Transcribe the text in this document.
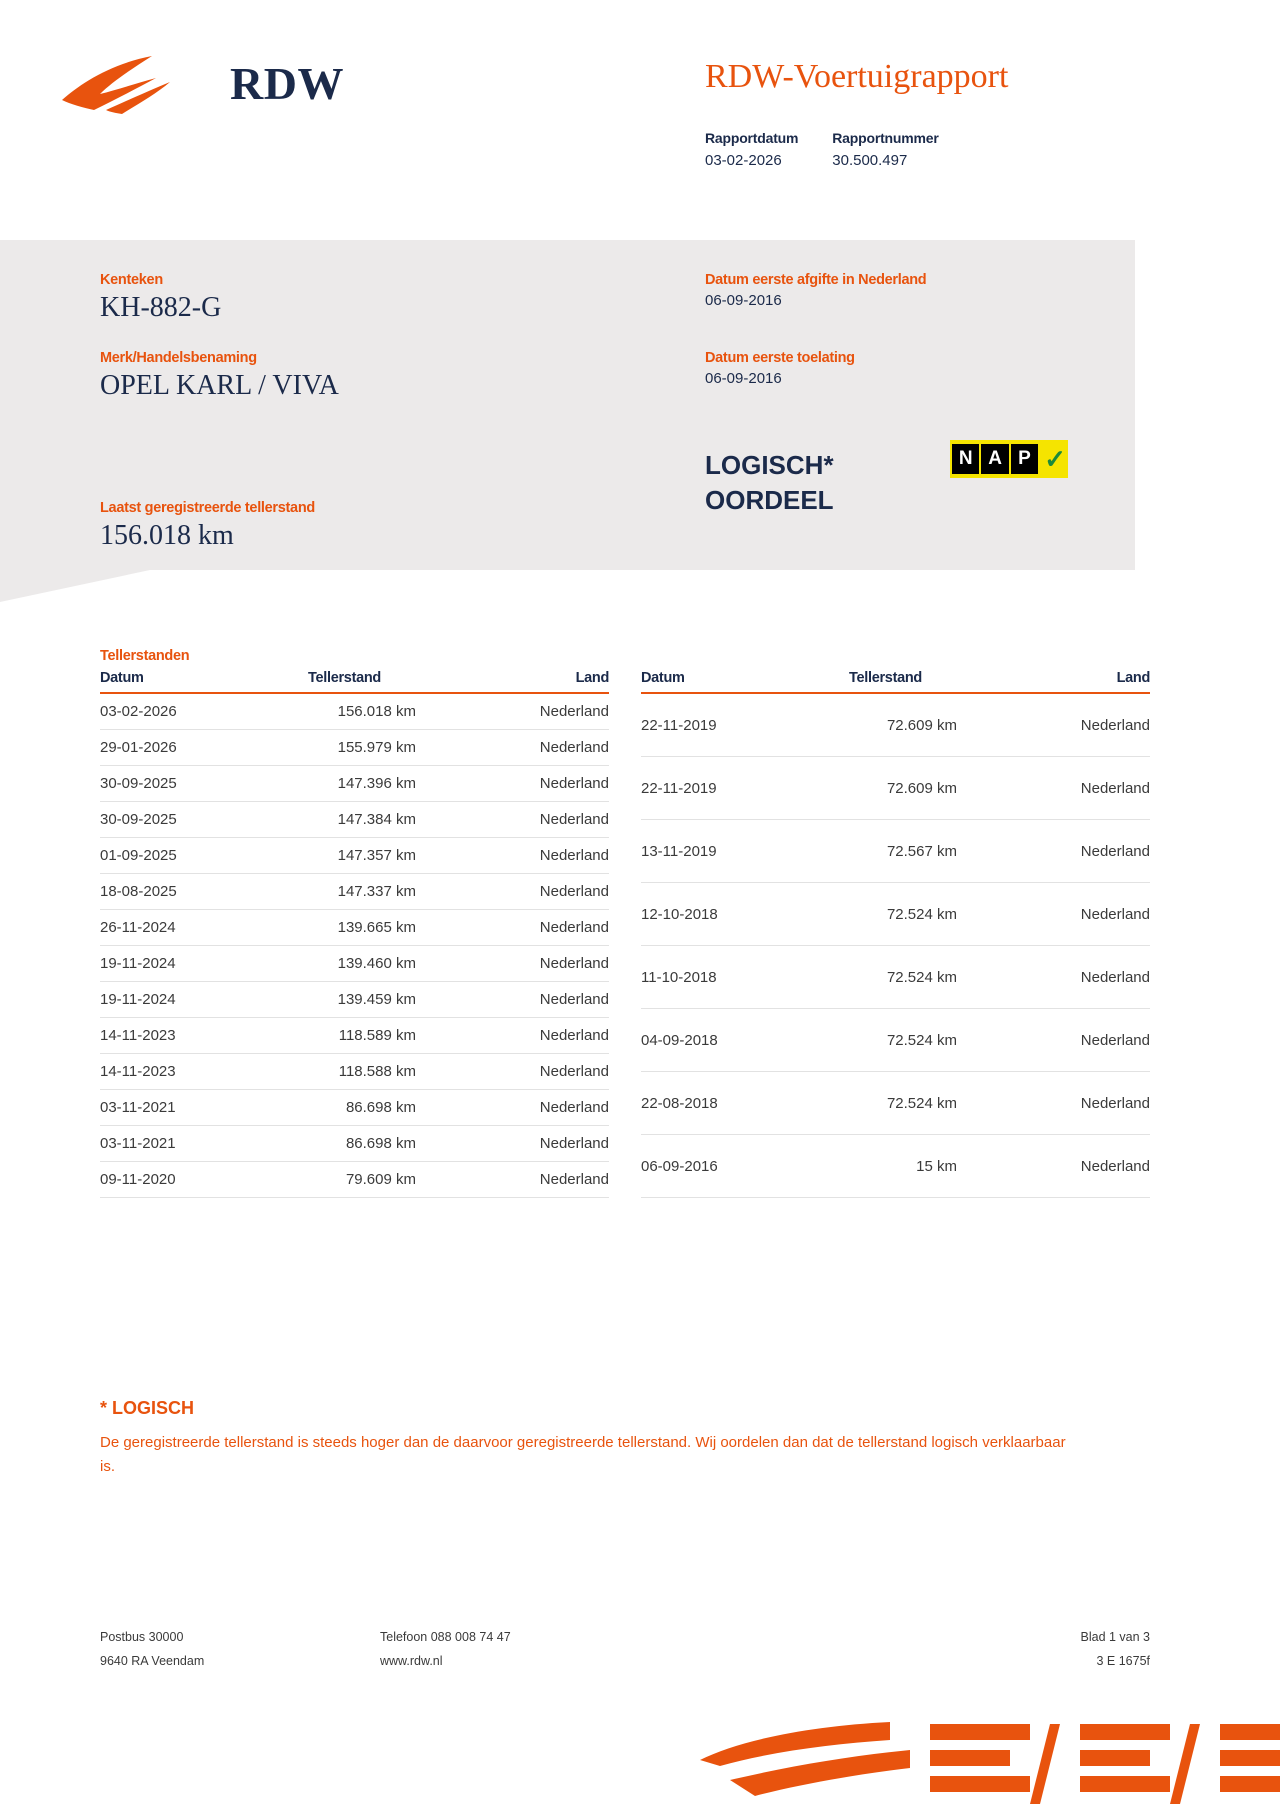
RDW	RDW-Voertuigrapport
Rapportdatum
03-02-2026
Rapportnummer
30.500.497
Kenteken
KH-882-G
Merk/Handelsbenaming
OPEL KARL / VIVA
Laatst geregistreerde tellerstand
156.018 km
Datum eerste afgifte in Nederland
06-09-2016
Datum eerste toelating
06-09-2016
LOGISCH*
OORDEEL
N A P ✓
Tellerstanden
Datum	Tellerstand	Land
03-02-2026	156.018 km	Nederland
29-01-2026	155.979 km	Nederland
30-09-2025	147.396 km	Nederland
30-09-2025	147.384 km	Nederland
01-09-2025	147.357 km	Nederland
18-08-2025	147.337 km	Nederland
26-11-2024	139.665 km	Nederland
19-11-2024	139.460 km	Nederland
19-11-2024	139.459 km	Nederland
14-11-2023	118.589 km	Nederland
14-11-2023	118.588 km	Nederland
03-11-2021	86.698 km	Nederland
03-11-2021	86.698 km	Nederland
09-11-2020	79.609 km	Nederland
Datum	Tellerstand	Land
22-11-2019	72.609 km	Nederland
22-11-2019	72.609 km	Nederland
13-11-2019	72.567 km	Nederland
12-10-2018	72.524 km	Nederland
11-10-2018	72.524 km	Nederland
04-09-2018	72.524 km	Nederland
22-08-2018	72.524 km	Nederland
06-09-2016	15 km	Nederland
* LOGISCH
De geregistreerde tellerstand is steeds hoger dan de daarvoor geregistreerde tellerstand. Wij oordelen dan dat de tellerstand logisch verklaarbaar is.
Postbus 30000	Telefoon 088 008 74 47	Blad 1 van 3
9640 RA Veendam	www.rdw.nl	3 E 1675f
